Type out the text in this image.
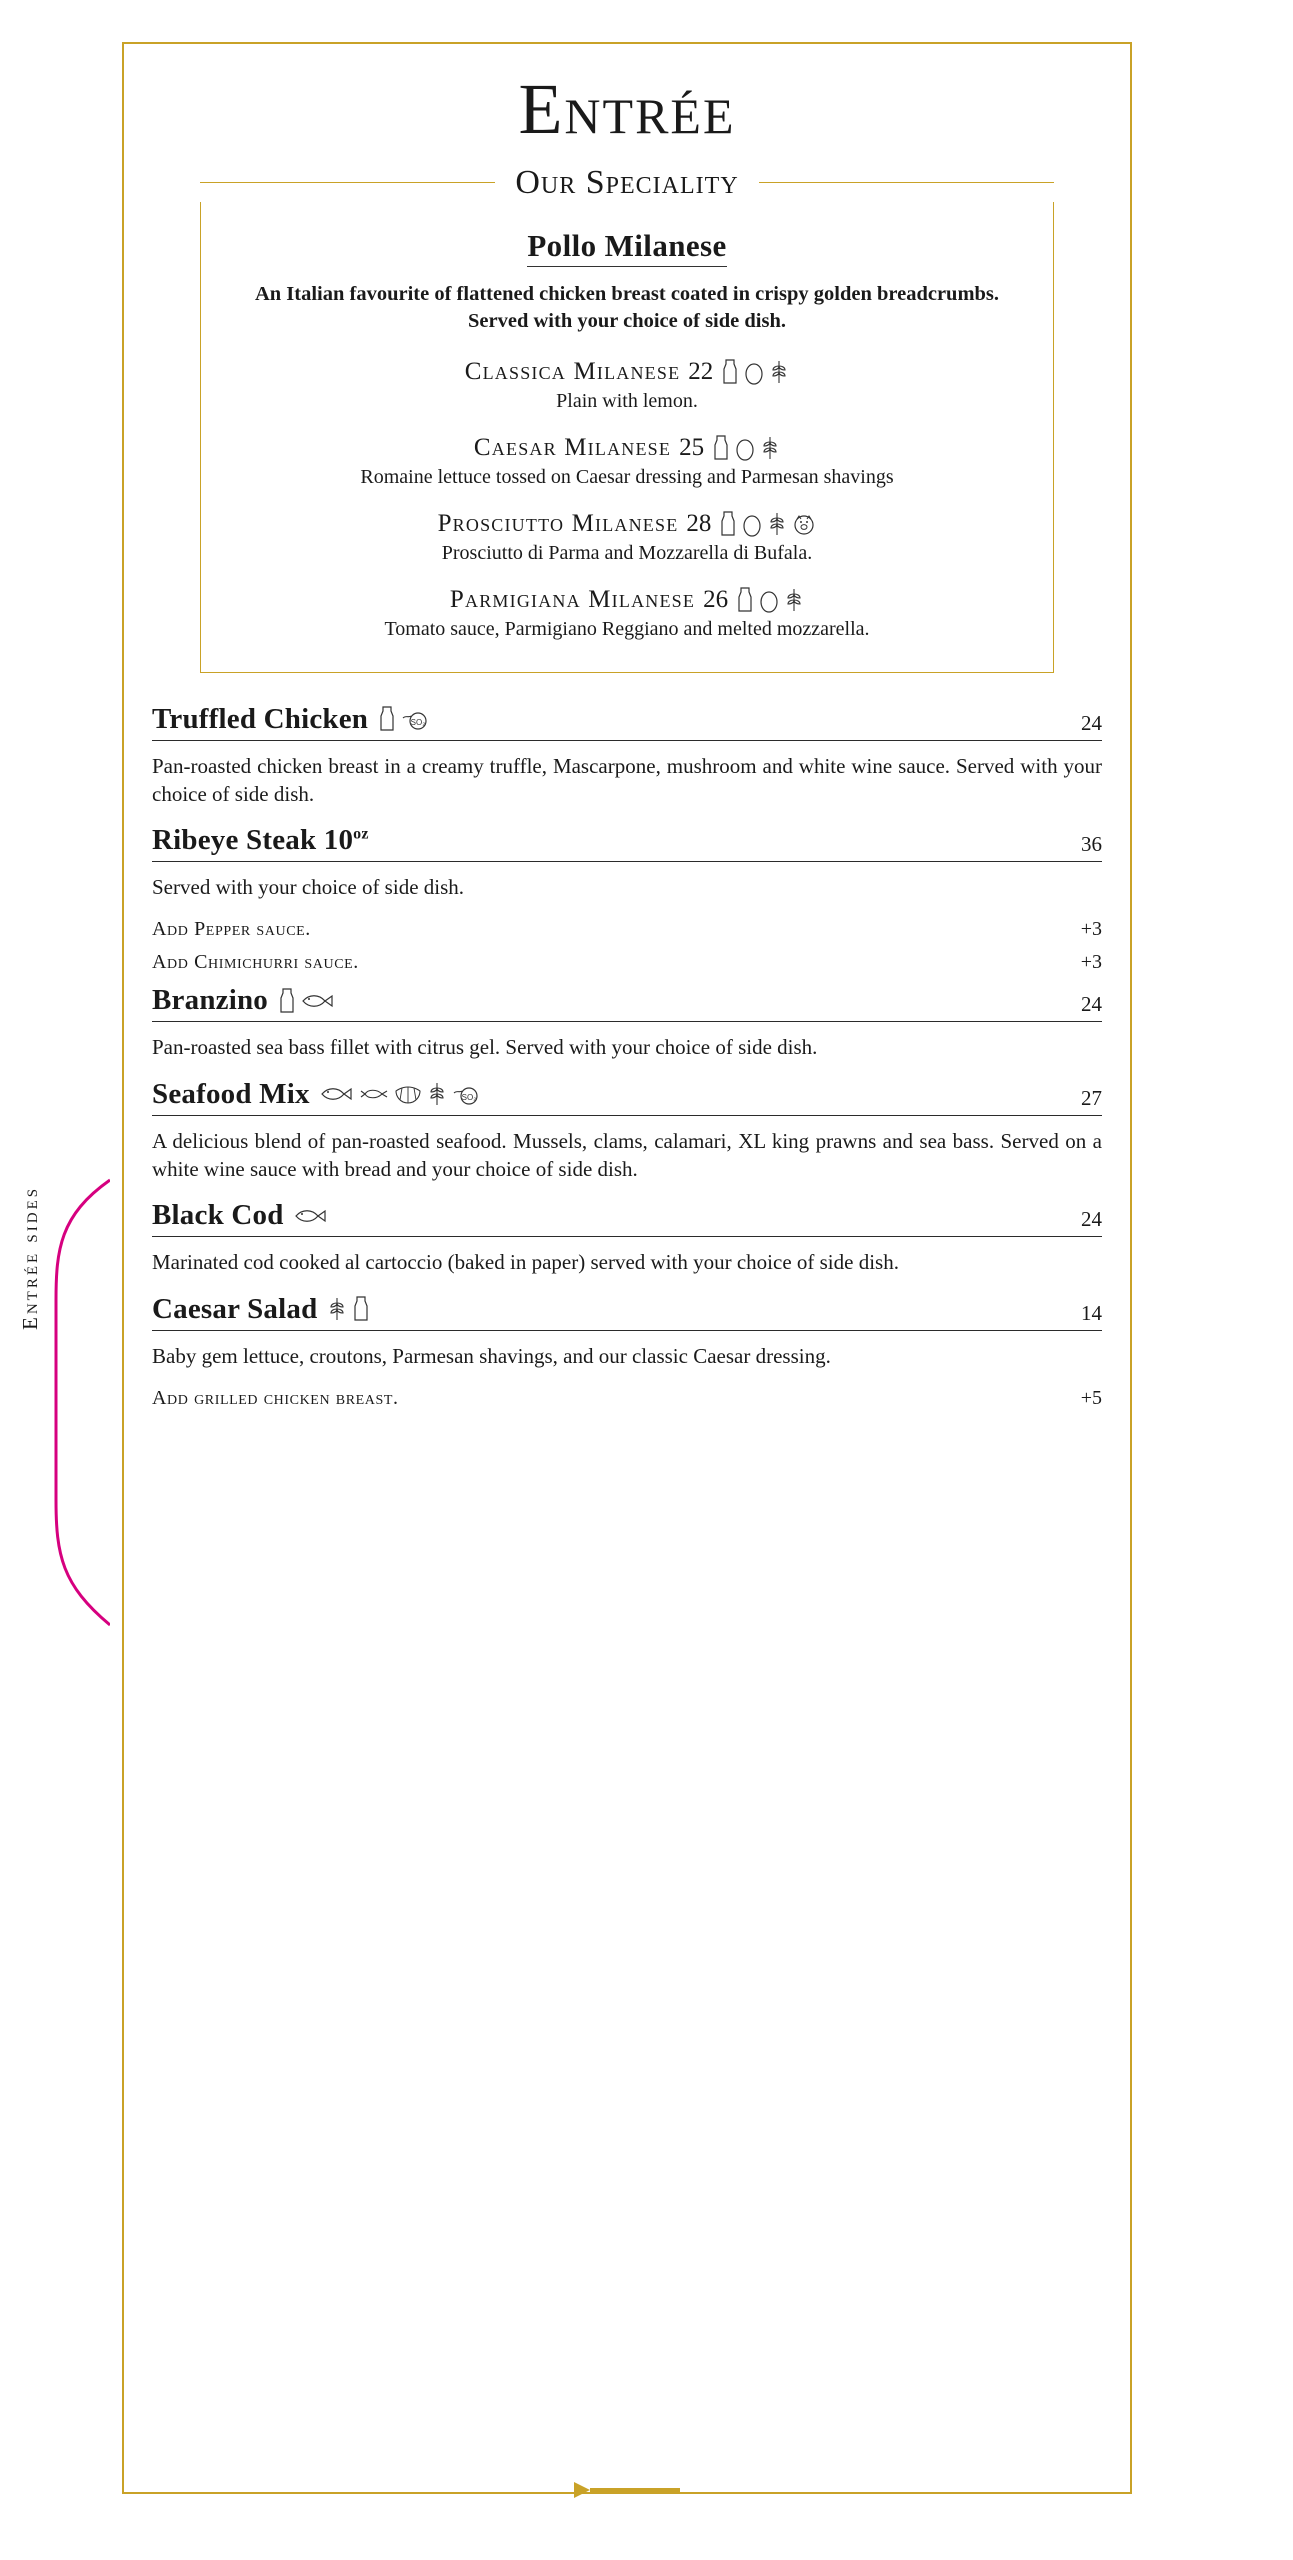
Entrée sides
Entrée
Our Speciality
Pollo Milanese
An Italian favourite of flattened chicken breast coated in crispy golden breadcrumbs. Served with your choice of side dish.
Classica Milanese 22
Plain with lemon.
Caesar Milanese 25
Romaine lettuce tossed on Caesar dressing and Parmesan shavings
Prosciutto Milanese 28
Prosciutto di Parma and Mozzarella di Bufala.
Parmigiana Milanese 26
Tomato sauce, Parmigiano Reggiano and melted mozzarella.
Truffled Chicken	SO₂	24
Pan-roasted chicken breast in a creamy truffle, Mascarpone, mushroom and white wine sauce. Served with your choice of side dish.
Ribeye Steak $10^{oz}$	36
Served with your choice of side dish.
Add Pepper sauce.	+3
Add Chimichurri sauce.	+3
Branzino	24
Pan-roasted sea bass fillet with citrus gel. Served with your choice of side dish.
Seafood Mix	SO₂	27
A delicious blend of pan-roasted seafood. Mussels, clams, calamari, XL king prawns and sea bass. Served on a white wine sauce with bread and your choice of side dish.
Black Cod	24
Marinated cod cooked al cartoccio (baked in paper) served with your choice of side dish.
Caesar Salad	14
Baby gem lettuce, croutons, Parmesan shavings, and our classic Caesar dressing.
Add grilled chicken breast.	+5
